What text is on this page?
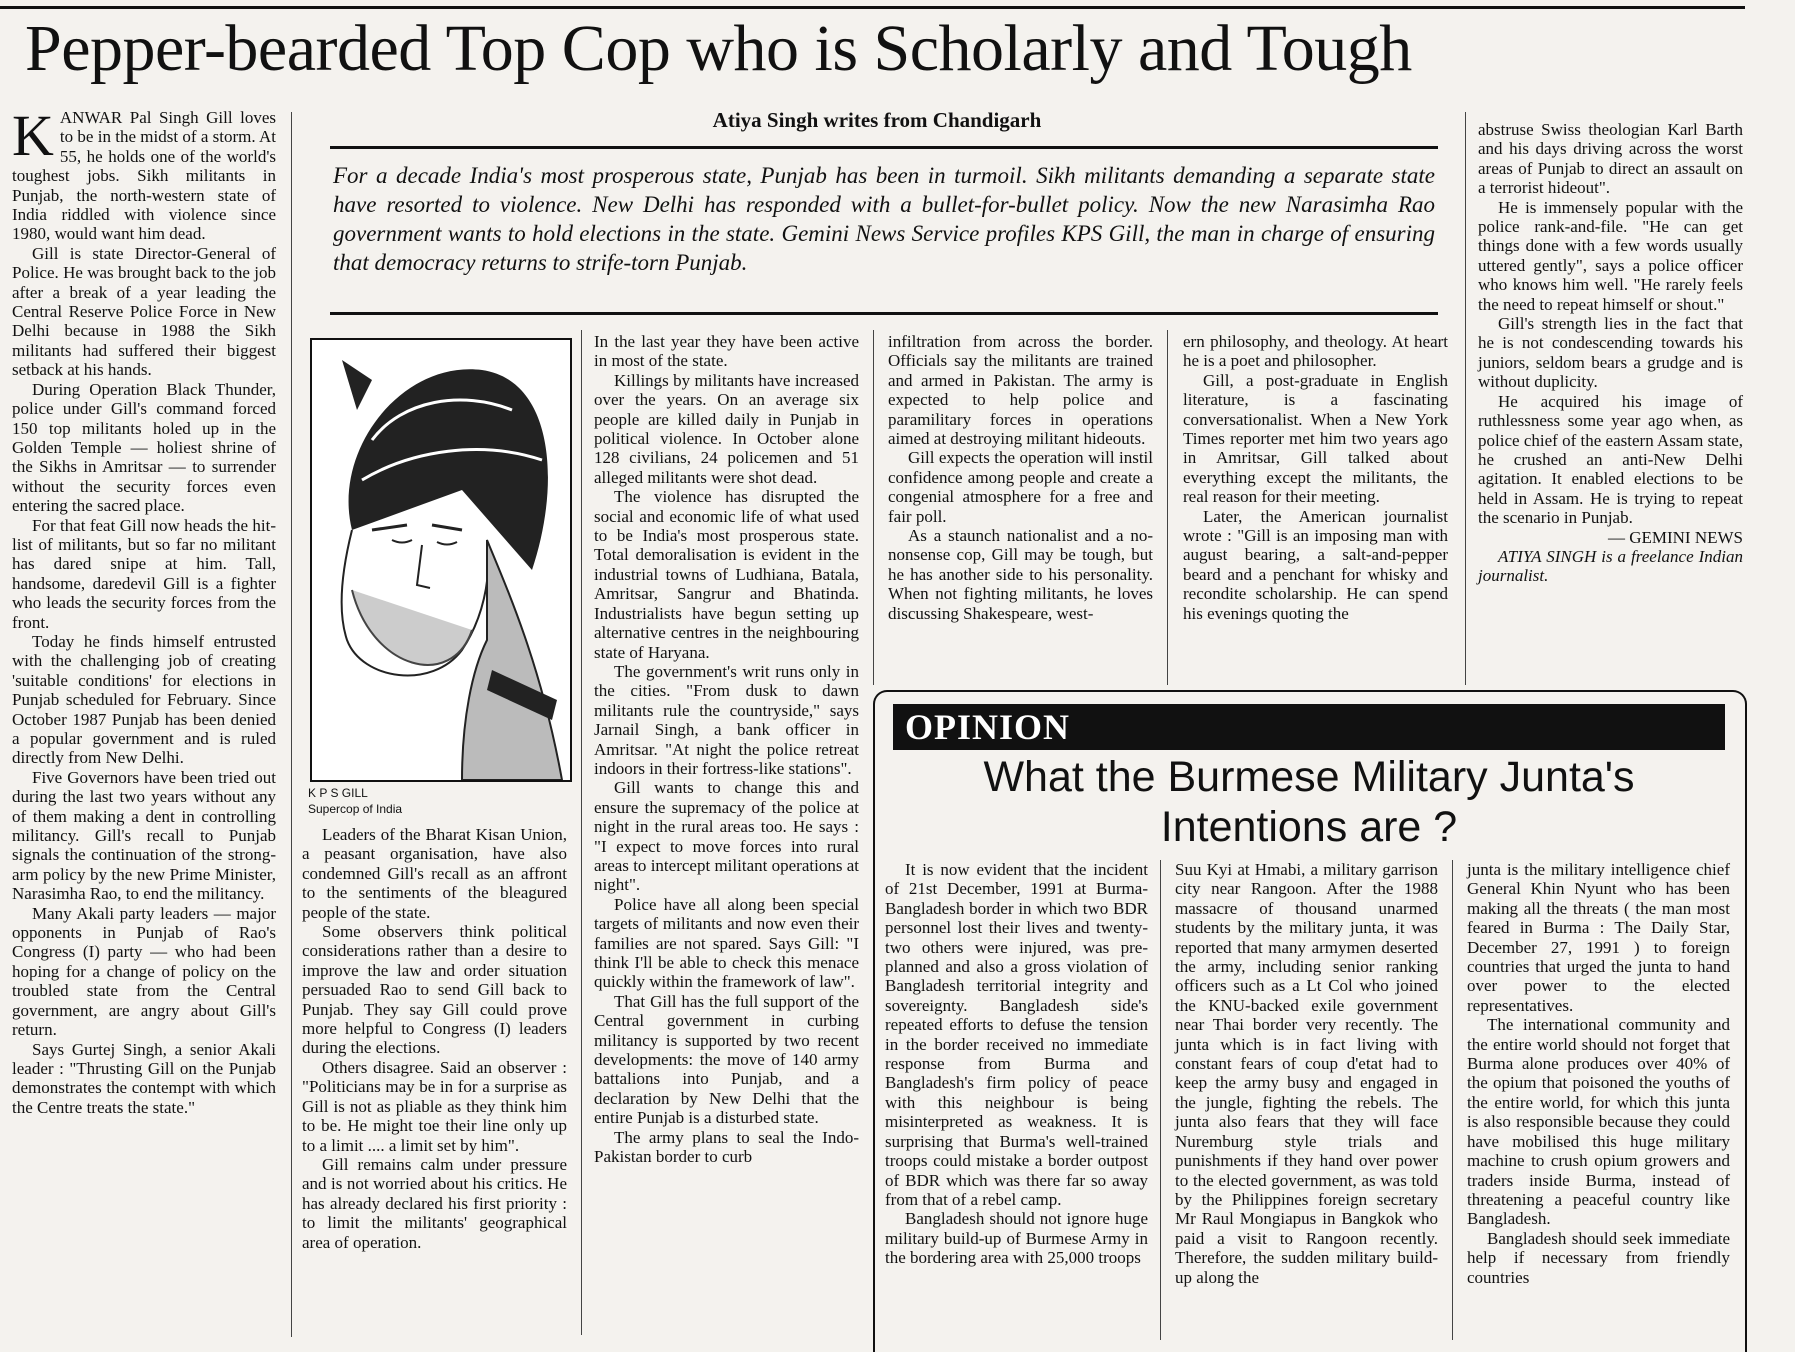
Pepper-bearded Top Cop who is Scholarly and Tough

KANWAR Pal Singh Gill loves to be in the midst of a storm. At 55, he holds one of the world's toughest jobs. Sikh militants in Punjab, the north-western state of India riddled with violence since 1980, would want him dead.

Gill is state Director-General of Police. He was brought back to the job after a break of a year leading the Central Reserve Police Force in New Delhi because in 1988 the Sikh militants had suffered their biggest setback at his hands.

During Operation Black Thunder, police under Gill's command forced 150 top militants holed up in the Golden Temple — holiest shrine of the Sikhs in Amritsar — to surrender without the security forces even entering the sacred place.

For that feat Gill now heads the hit-list of militants, but so far no militant has dared snipe at him. Tall, handsome, daredevil Gill is a fighter who leads the security forces from the front.

Today he finds himself entrusted with the challenging job of creating 'suitable conditions' for elections in Punjab scheduled for February. Since October 1987 Punjab has been denied a popular government and is ruled directly from New Delhi.

Five Governors have been tried out during the last two years without any of them making a dent in controlling militancy. Gill's recall to Punjab signals the continuation of the strong-arm policy by the new Prime Minister, Narasimha Rao, to end the militancy.

Many Akali party leaders — major opponents in Punjab of Rao's Congress (I) party — who had been hoping for a change of policy on the troubled state from the Central government, are angry about Gill's return.

Says Gurtej Singh, a senior Akali leader : "Thrusting Gill on the Punjab demonstrates the contempt with which the Centre treats the state."

Atiya Singh writes from Chandigarh
For a decade India's most prosperous state, Punjab has been in turmoil. Sikh militants demanding a separate state have resorted to violence. New Delhi has responded with a bullet-for-bullet policy. Now the new Narasimha Rao government wants to hold elections in the state. Gemini News Service profiles KPS Gill, the man in charge of ensuring that democracy returns to strife-torn Punjab.
K P S GILL
Supercop of India

Leaders of the Bharat Kisan Union, a peasant organisation, have also condemned Gill's recall as an affront to the sentiments of the bleagured people of the state.

Some observers think political considerations rather than a desire to improve the law and order situation persuaded Rao to send Gill back to Punjab. They say Gill could prove more helpful to Congress (I) leaders during the elections.

Others disagree. Said an observer : "Politicians may be in for a surprise as Gill is not as pliable as they think him to be. He might toe their line only up to a limit .... a limit set by him".

Gill remains calm under pressure and is not worried about his critics. He has already declared his first priority : to limit the militants' geographical area of operation.

In the last year they have been active in most of the state.

Killings by militants have increased over the years. On an average six people are killed daily in Punjab in political violence. In October alone 128 civilians, 24 policemen and 51 alleged militants were shot dead.

The violence has disrupted the social and economic life of what used to be India's most prosperous state. Total demoralisation is evident in the industrial towns of Ludhiana, Batala, Amritsar, Sangrur and Bhatinda. Industrialists have begun setting up alternative centres in the neighbouring state of Haryana.

The government's writ runs only in the cities. "From dusk to dawn militants rule the countryside," says Jarnail Singh, a bank officer in Amritsar. "At night the police retreat indoors in their fortress-like stations".

Gill wants to change this and ensure the supremacy of the police at night in the rural areas too. He says : "I expect to move forces into rural areas to intercept militant operations at night".

Police have all along been special targets of militants and now even their families are not spared. Says Gill: "I think I'll be able to check this menace quickly within the framework of law".

That Gill has the full support of the Central government in curbing militancy is supported by two recent developments: the move of 140 army battalions into Punjab, and a declaration by New Delhi that the entire Punjab is a disturbed state.

The army plans to seal the Indo-Pakistan border to curb

infiltration from across the border. Officials say the militants are trained and armed in Pakistan. The army is expected to help police and paramilitary forces in operations aimed at destroying militant hideouts.

Gill expects the operation will instil confidence among people and create a congenial atmosphere for a free and fair poll.

As a staunch nationalist and a no-nonsense cop, Gill may be tough, but he has another side to his personality. When not fighting militants, he loves discussing Shakespeare, west-

ern philosophy, and theology. At heart he is a poet and philosopher.

Gill, a post-graduate in English literature, is a fascinating conversationalist. When a New York Times reporter met him two years ago in Amritsar, Gill talked about everything except the militants, the real reason for their meeting.

Later, the American journalist wrote : "Gill is an imposing man with august bearing, a salt-and-pepper beard and a penchant for whisky and recondite scholarship. He can spend his evenings quoting the

abstruse Swiss theologian Karl Barth and his days driving across the worst areas of Punjab to direct an assault on a terrorist hideout".

He is immensely popular with the police rank-and-file. "He can get things done with a few words usually uttered gently", says a police officer who knows him well. "He rarely feels the need to repeat himself or shout."

Gill's strength lies in the fact that he is not condescending towards his juniors, seldom bears a grudge and is without duplicity.

He acquired his image of ruthlessness some year ago when, as police chief of the eastern Assam state, he crushed an anti-New Delhi agitation. It enabled elections to be held in Assam. He is trying to repeat the scenario in Punjab.

— GEMINI NEWS

ATIYA SINGH is a freelance Indian journalist.

OPINION
What the Burmese Military Junta's Intentions are ?

It is now evident that the incident of 21st December, 1991 at Burma-Bangladesh border in which two BDR personnel lost their lives and twenty-two others were injured, was pre-planned and also a gross violation of Bangladesh territorial integrity and sovereignty. Bangladesh side's repeated efforts to defuse the tension in the border received no immediate response from Burma and Bangladesh's firm policy of peace with this neighbour is being misinterpreted as weakness. It is surprising that Burma's well-trained troops could mistake a border outpost of BDR which was there far so away from that of a rebel camp.

Bangladesh should not ignore huge military build-up of Burmese Army in the bordering area with 25,000 troops

Suu Kyi at Hmabi, a military garrison city near Rangoon. After the 1988 massacre of thousand unarmed students by the military junta, it was reported that many armymen deserted the army, including senior ranking officers such as a Lt Col who joined the KNU-backed exile government near Thai border very recently. The junta which is in fact living with constant fears of coup d'etat had to keep the army busy and engaged in the jungle, fighting the rebels. The junta also fears that they will face Nuremburg style trials and punishments if they hand over power to the elected government, as was told by the Philippines foreign secretary Mr Raul Mongiapus in Bangkok who paid a visit to Rangoon recently. Therefore, the sudden military build-up along the

junta is the military intelligence chief General Khin Nyunt who has been making all the threats ( the man most feared in Burma : The Daily Star, December 27, 1991 ) to foreign countries that urged the junta to hand over power to the elected representatives.

The international community and the entire world should not forget that Burma alone produces over 40% of the opium that poisoned the youths of the entire world, for which this junta is also responsible because they could have mobilised this huge military machine to crush opium growers and traders inside Burma, instead of threatening a peaceful country like Bangladesh.

Bangladesh should seek immediate help if necessary from friendly countries
